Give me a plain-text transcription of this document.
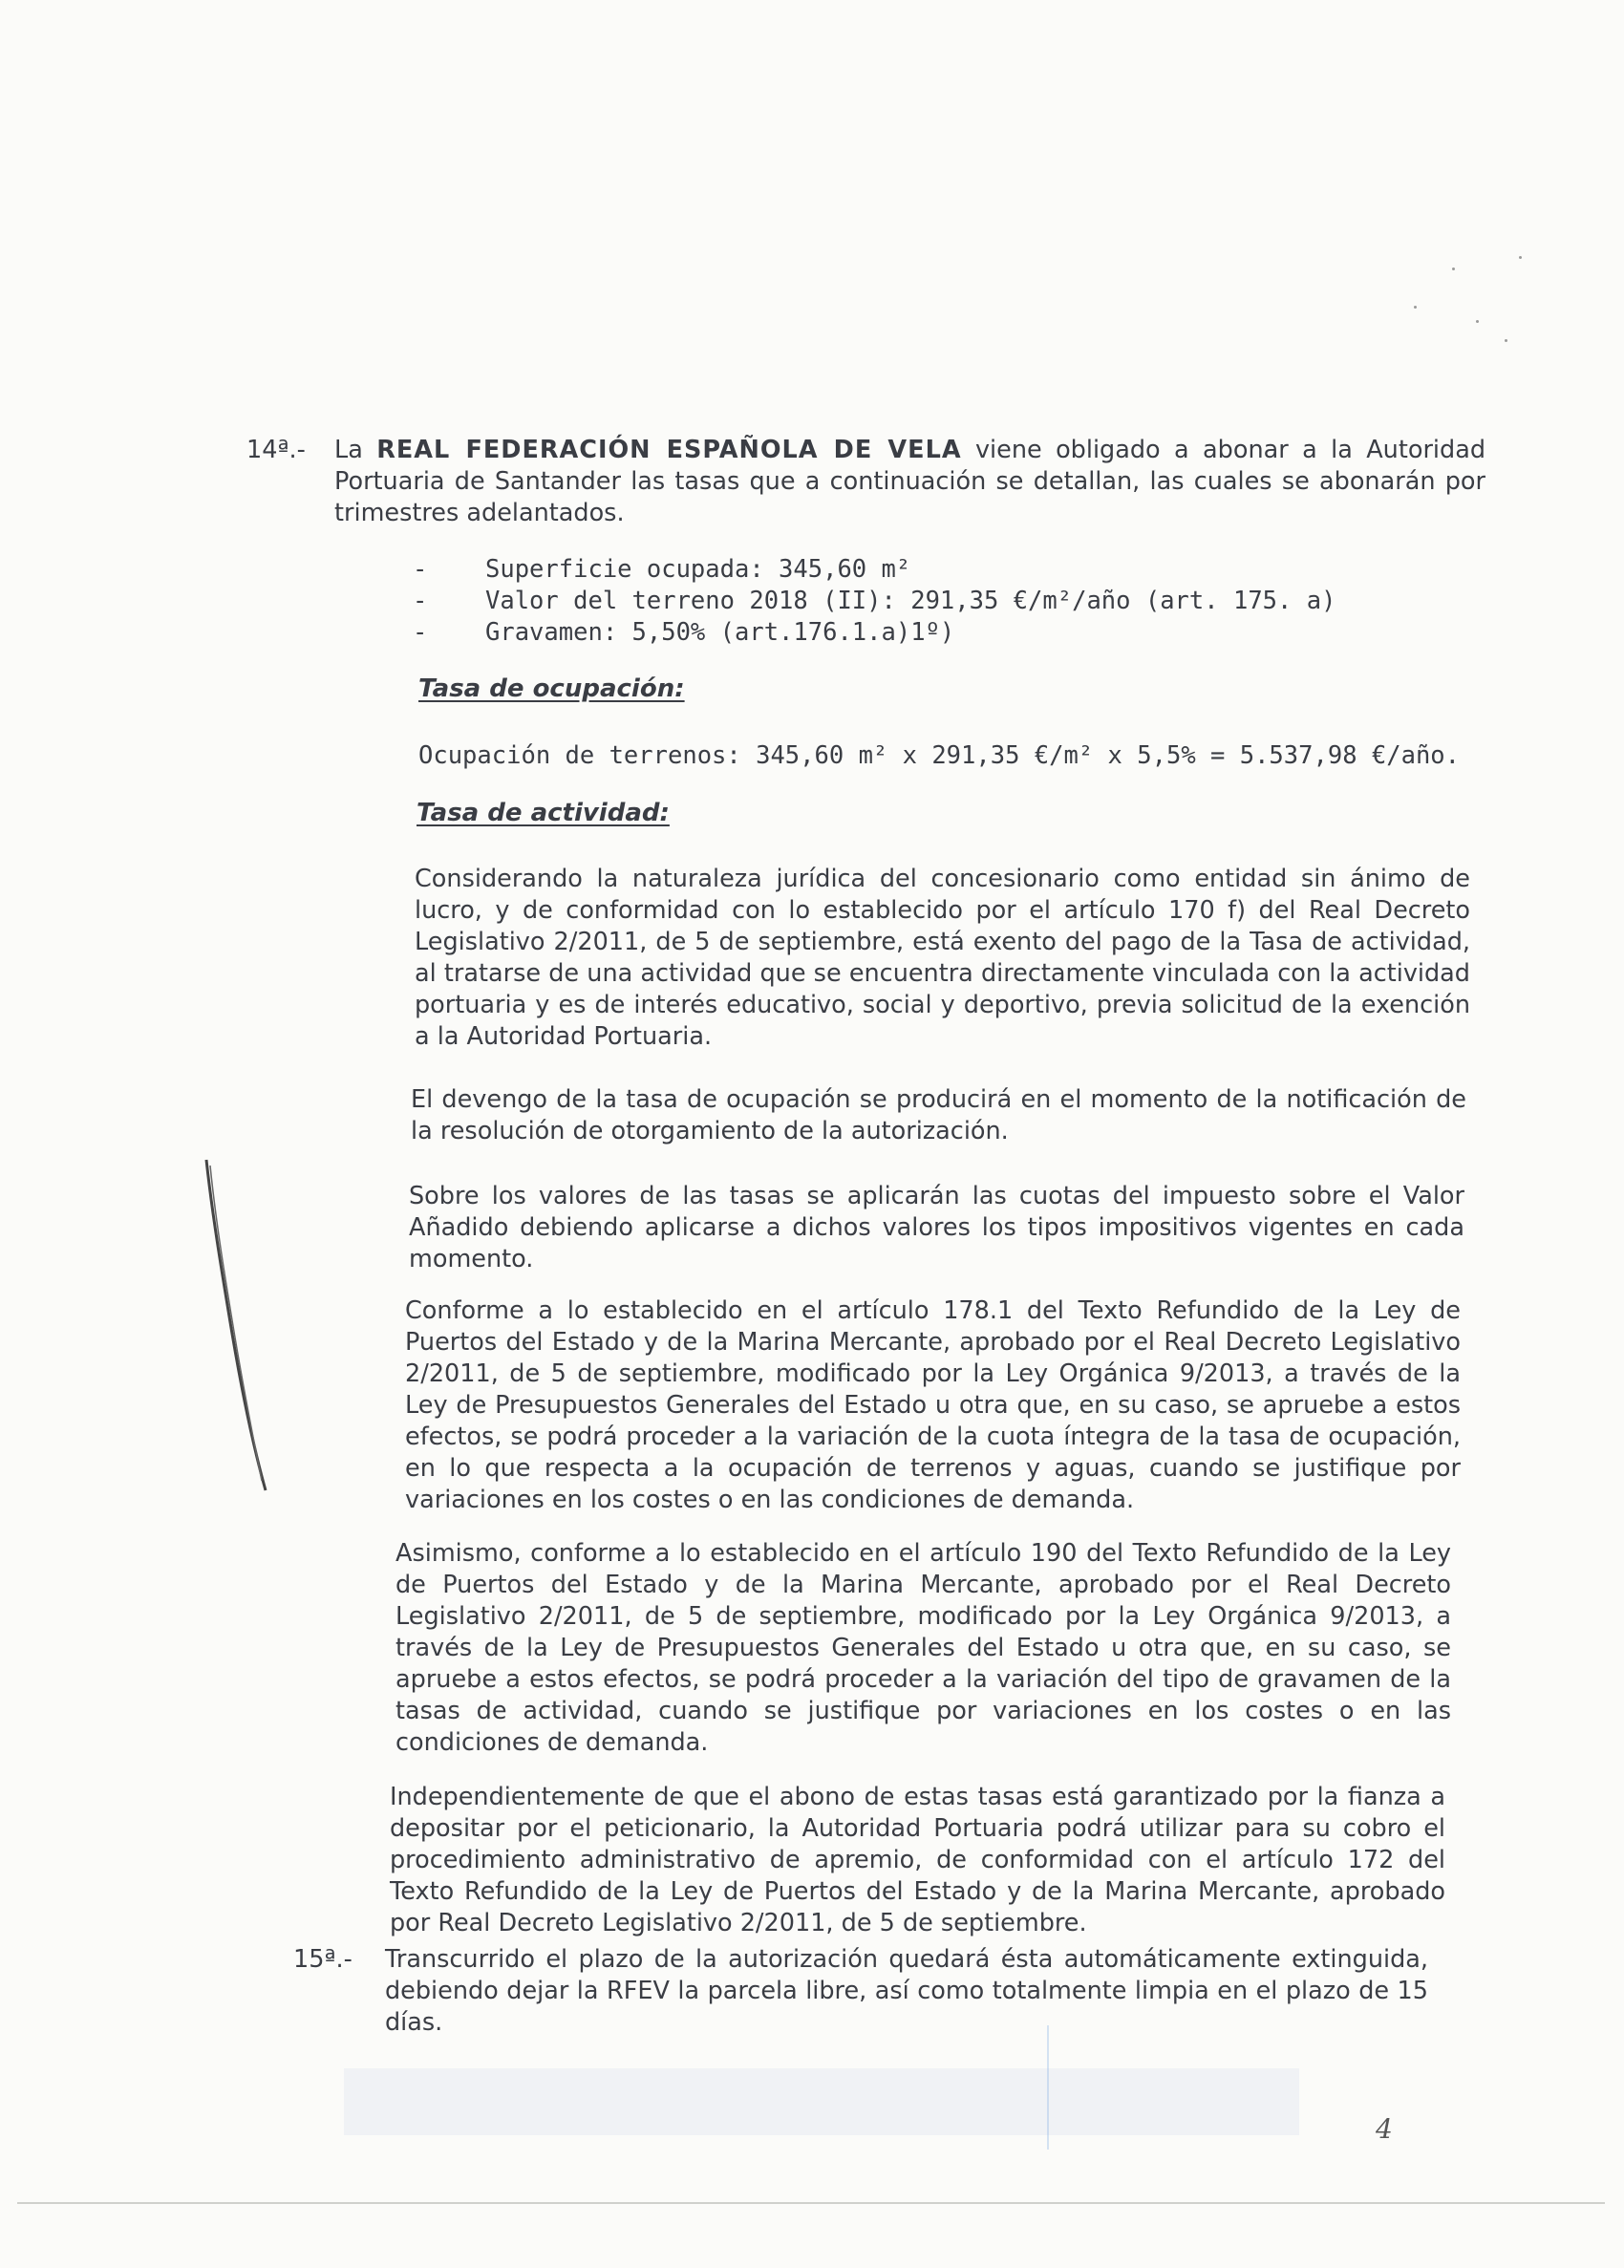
14ª.- La REAL FEDERACIÓN ESPAÑOLA DE VELA viene obligado a abonar a la Autoridad Portuaria de Santander las tasas que a continuación se detallan, las cuales se abonarán por trimestres adelantados.
- Superficie ocupada: 345,60 m²
- Valor del terreno 2018 (II): 291,35 €/m²/año (art. 175. a)
- Gravamen: 5,50% (art.176.1.a)1º)
Tasa de ocupación:
Ocupación de terrenos: 345,60 m² x 291,35 €/m² x 5,5% = 5.537,98 €/año.
Tasa de actividad:
Considerando la naturaleza jurídica del concesionario como entidad sin ánimo de lucro, y de conformidad con lo establecido por el artículo 170 f) del Real Decreto Legislativo 2/2011, de 5 de septiembre, está exento del pago de la Tasa de actividad, al tratarse de una actividad que se encuentra directamente vinculada con la actividad portuaria y es de interés educativo, social y deportivo, previa solicitud de la exención a la Autoridad Portuaria.
El devengo de la tasa de ocupación se producirá en el momento de la notificación de la resolución de otorgamiento de la autorización.
Sobre los valores de las tasas se aplicarán las cuotas del impuesto sobre el Valor Añadido debiendo aplicarse a dichos valores los tipos impositivos vigentes en cada momento.
Conforme a lo establecido en el artículo 178.1 del Texto Refundido de la Ley de Puertos del Estado y de la Marina Mercante, aprobado por el Real Decreto Legislativo 2/2011, de 5 de septiembre, modificado por la Ley Orgánica 9/2013, a través de la Ley de Presupuestos Generales del Estado u otra que, en su caso, se apruebe a estos efectos, se podrá proceder a la variación de la cuota íntegra de la tasa de ocupación, en lo que respecta a la ocupación de terrenos y aguas, cuando se justifique por variaciones en los costes o en las condiciones de demanda.
Asimismo, conforme a lo establecido en el artículo 190 del Texto Refundido de la Ley de Puertos del Estado y de la Marina Mercante, aprobado por el Real Decreto Legislativo 2/2011, de 5 de septiembre, modificado por la Ley Orgánica 9/2013, a través de la Ley de Presupuestos Generales del Estado u otra que, en su caso, se apruebe a estos efectos, se podrá proceder a la variación del tipo de gravamen de la tasas de actividad, cuando se justifique por variaciones en los costes o en las condiciones de demanda.
Independientemente de que el abono de estas tasas está garantizado por la fianza a depositar por el peticionario, la Autoridad Portuaria podrá utilizar para su cobro el procedimiento administrativo de apremio, de conformidad con el artículo 172 del Texto Refundido de la Ley de Puertos del Estado y de la Marina Mercante, aprobado por Real Decreto Legislativo 2/2011, de 5 de septiembre.
15ª.- Transcurrido el plazo de la autorización quedará ésta automáticamente extinguida, debiendo dejar la RFEV la parcela libre, así como totalmente limpia en el plazo de 15 días.
4
